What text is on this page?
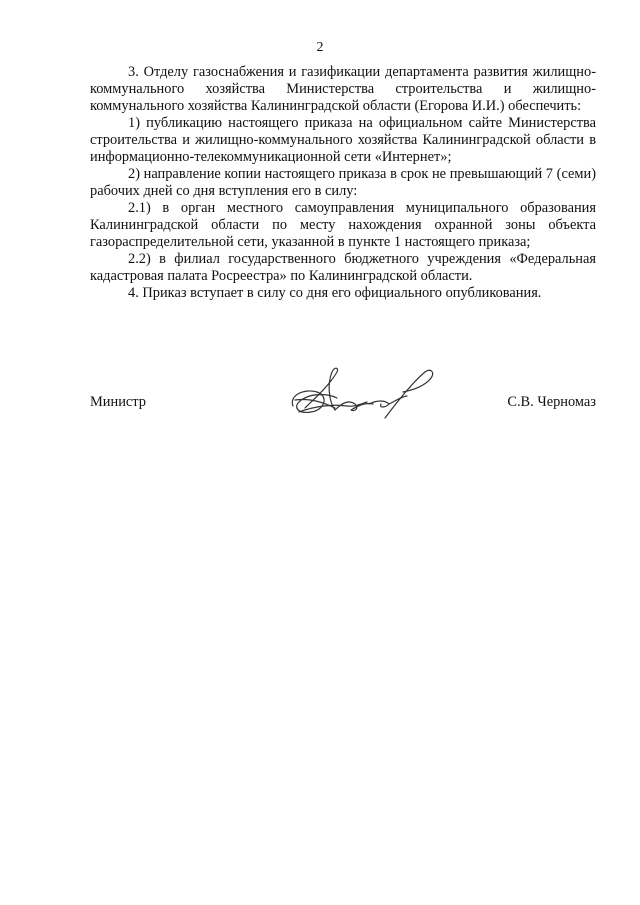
2

3. Отделу газоснабжения и газификации департамента развития жилищно-коммунального хозяйства Министерства строительства и жилищно-коммунального хозяйства Калининградской области (Егорова И.И.) обеспечить:

1) публикацию настоящего приказа на официальном сайте Министерства строительства и жилищно-коммунального хозяйства Калининградской области в информационно-телекоммуникационной сети «Интернет»;

2) направление копии настоящего приказа в срок не превышающий 7 (семи) рабочих дней со дня вступления его в силу:

2.1) в орган местного самоуправления муниципального образования Калининградской области по месту нахождения охранной зоны объекта газораспределительной сети, указанной в пункте 1 настоящего приказа;

2.2) в филиал государственного бюджетного учреждения «Федеральная кадастровая палата Росреестра» по Калининградской области.

4. Приказ вступает в силу со дня его официального опубликования.

Министр	С.В. Черномаз
